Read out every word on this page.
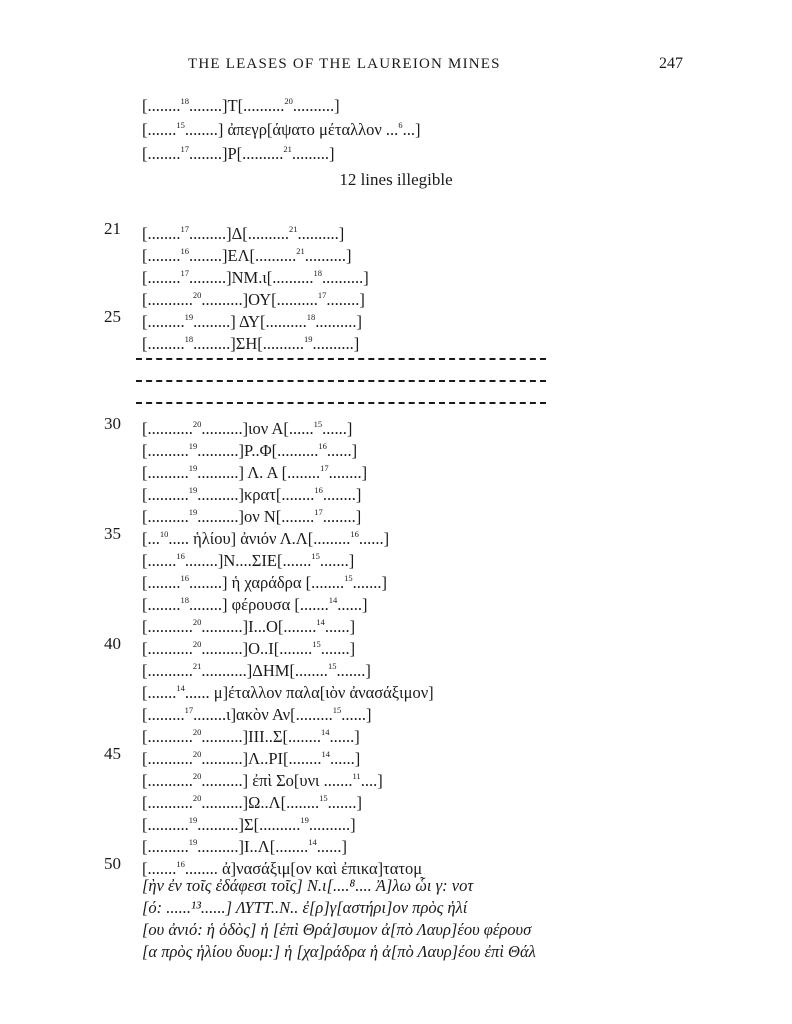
THE LEASES OF THE LAUREION MINES	247
[........$^{18}$........]T[..........$^{20}$..........]
[.......$^{15}$........] ἀπεγρ[άψατο μέταλλον ...$^6$...]
[........$^{17}$........]P[..........$^{21}$.........]
12 lines illegible
21	[........$^{17}$.........]Δ[..........$^{21}$..........]
[........$^{16}$........]ΕΛ[..........$^{21}$..........]
[........$^{17}$.........]ΝΜ.ι[..........$^{18}$..........]
[...........$^{20}$..........]ΟΥ[..........$^{17}$........]
25	[.........$^{19}$.........] ΔΥ[..........$^{18}$..........]
[.........$^{18}$.........]ΣΗ[..........$^{19}$..........]
30	[...........$^{20}$..........]ιον Α[......$^{15}$......]
[..........$^{19}$..........]Ρ..Φ[..........$^{16}$......]
[..........$^{19}$..........] Λ. Α [........$^{17}$........]
[..........$^{19}$..........]κρατ[........$^{16}$........]
[..........$^{19}$..........]ον Ν[........$^{17}$........]
35	[...$^{10}$..... ἡλίου] ἀνιόν Λ.Λ[.........$^{16}$......]
[.......$^{16}$........]Ν....ΣΙΕ[.......$^{15}$.......]
[........$^{16}$........] ἡ χαράδρα [........$^{15}$.......]
[........$^{18}$........] φέρουσα [.......$^{14}$......]
[...........$^{20}$..........]Ι...Ο[........$^{14}$......]
40	[...........$^{20}$..........]Ο..Ι[........$^{15}$.......]
[...........$^{21}$...........]ΔΗΜ[........$^{15}$.......]
[.......$^{14}$...... μ]έταλλον παλα[ιὸν ἀνασάξιμον]
[.........$^{17}$........ι]ακὸν Αν[.........$^{15}$......]
[...........$^{20}$..........]ΙΙΙ..Σ[........$^{14}$......]
45	[...........$^{20}$..........]Λ..ΡΙ[........$^{14}$......]
[...........$^{20}$..........] ἐπὶ Σο[υνι .......$^{11}$....]
[...........$^{20}$..........]Ω..Λ[........$^{15}$.......]
[..........$^{19}$..........]Σ[..........$^{19}$..........]
[..........$^{19}$..........]Ι..Λ[........$^{14}$......]
50	[.......$^{16}$........ ἀ]νασάξιμ[ον καὶ ἐπικα]τατομ
[ὴν ἐν τοῖς ἐδάφεσι τοῖς] Ν.ι[....⁸.... Ἀ]λω ὧι γ: νοτ
[ό: ......¹³......] ΛΥΤΤ..Ν.. ἐ[ρ]γ[αστήρι]ον πρὸς ἡλί
[ου ἀνιό: ἡ ὁδὸς] ἡ [ἐπὶ Θρά]συμον ἀ[πὸ Λαυρ]έου φέρουσ
[α πρὸς ἡλίου δυομ:] ἡ [χα]ράδρα ἡ ἀ[πὸ Λαυρ]έου ἐπὶ Θάλ
